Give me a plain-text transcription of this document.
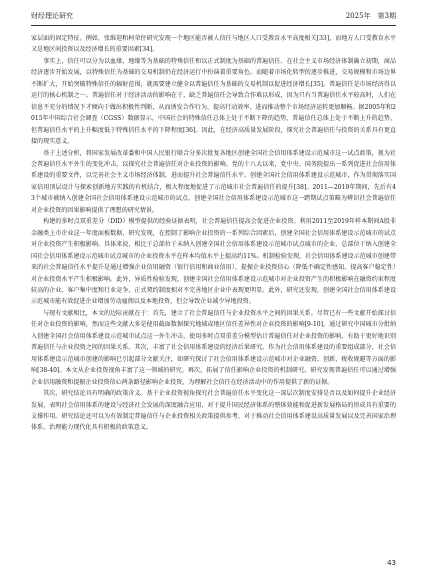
财经理论研究	2025年　第3期

家层面的固定特征。例如，张维迎和柯荣住研究发现一个地区能否被人信任与地区人口受教育水平高度相关[33]，而地方人口受教育水平又是地区间投资以及经济增长的重要因素[34]。

事实上，信任可以分为以血缘、地缘等为基础的特殊信任和以正式制度为基础的普遍信任。在社会主义市场经济体制确立初期，商品经济逐步开始发展，以特殊信任为基础的交易机制仍在经济运行中扮演着重要角色。而随着市场化转型的逐步推进，交易规模和市场边界不断扩大，开始突破特殊信任的辐射范围，就需要建立健全以普遍信任为基础的交易机制以促进经济增长[35]。普遍信任是市场经济得以运行的核心机制之一。普遍信任对于经济活动的影响在于，缺乏普遍信任会导致合作难以形成，因为只有当普遍信任水平较高时，人们在信息不充分的情况下才倾向于做出积极性判断，从而诱发合作行为、提高行动效率，进而推动整个市场经济运转更加顺畅。据2005年和2015年中国综合社会调查（CGSS）数据显示，中国社会的特殊信任总体上处于不断下降的趋势，普遍信任总体上处于不断上升的趋势，但普遍信任水平的上升幅度低于特殊信任水平的下降程度[36]。因此，在经济高质量发展阶段，探究社会普遍信任与投资的关系具有更直接的现实意义。

基于上述分析，将国家发展改革委和中国人民银行联合分多次批复各地区创建全国社会信用体系建设示范城市这一试点政策，视为社会普遍信任水平外生的变化冲击，以探究社会普遍信任对企业投资的影响。党的十八大以来，党中央、国务院提出一系列促进社会信用体系建设的重要文件，以完善社会主义市场经济体制，进而提升社会普遍信任水平。创建全国社会信用体系建设示范城市，作为贯彻落实国家信用顶层设计与探索创新地方实践的有机结合，极大程度地促进了示范城市社会普遍信任的提升[38]。2011—2019年期间，先后有43个城市被纳入创建全国社会信用体系建设示范城市的试点。创建全国社会信用体系建设示范城市这一跨期试点策略为辨识社会普遍信任对企业投资的因果影响提供了理想的研究情景。

构建的多时点双重差分（DID）模型提供的经验证据表明，社会普遍信任提高会促进企业投资。利用2011至2019年样本期间A股非金融类上市企业这一年度面板数据，研究发现，在控制了影响企业投资的一系列综合因素后，创建全国社会信用体系建设示范城市的试点对企业投资产生积极影响。具体来说，相比于总部位于未纳入创建全国社会信用体系建设示范城市试点城市的企业，总部位于纳入创建全国社会信用体系建设示范城市试点城市的企业投资水平在样本均值水平上提高约11%。机制检验发现，社会信用体系建设示范城市创建带来的社会普遍信任水平提升是通过增强企业信用融资（银行信用和商业信用）、提振企业投资信心（降低不确定性感知、提高客户稳定性）对企业投资水平产生积极影响。此外，异质性检验发现，创建全国社会信用体系建设示范城市对企业投资产生的积极影响在融资约束程度较高的企业、客户集中度和行业竞争、正式契约制度相对不完善地区企业中表现更明显。此外，研究还发现，创建全国社会信用体系建设示范城市能有效促进企业增加劳动雇佣以及本地投资，但会导致企业减少异地投资。

与现有文献相比，本文的边际贡献在于：首先，建立了社会普遍信任与企业投资水平之间的因果关系。尽管已有一些文献开始探讨信任对企业投资的影响，然而这些文献大多是使用截面数据探究地域或地区信任差异性对企业投资的影响[9-10]，通过研究中国城市分批纳入创建全国社会信用体系建设示范城市试点这一外生冲击，使用多时点双重差分模型估计普遍信任对企业投资的影响，有助于更好地识别普遍信任与企业投资之间的因果关系。其次，丰富了社会信用体系建设的经济后果研究。作为社会信用体系建设的重要组成部分，社会信用体系建设示范城市创建的影响已引起部分文献关注，如研究探讨了社会信用体系建设示范城市对企业融资、创新、税收规避等方面的影响[38-40]。本文从企业投资视角丰富了这一领域的研究。再次，拓展了信任影响企业投资的机制研究。研究发现普遍信任可以通过增强企业信用融资和提振企业投资信心两条路径影响企业投资，为理解社会信任在经济活动中的作用提供了新的证据。

其次，研究结论具有明确的政策含义。基于企业投资视角探究社会普遍信任水平变化这一深层次制度安排是否以及如何提升企业经济发展，表明社会信用体系的建设与经济社会发展的深度融合应用，对于提升国民经济体系的整体效能和促进新发展格局的形成具有重要的支撑作用。研究结论还可以为有效制定普遍信任与企业投资相关政策提供参考，对于推动社会信用体系建设高质量发展以及完善国家治理体系、治理能力现代化具有积极的政策意义。

43
